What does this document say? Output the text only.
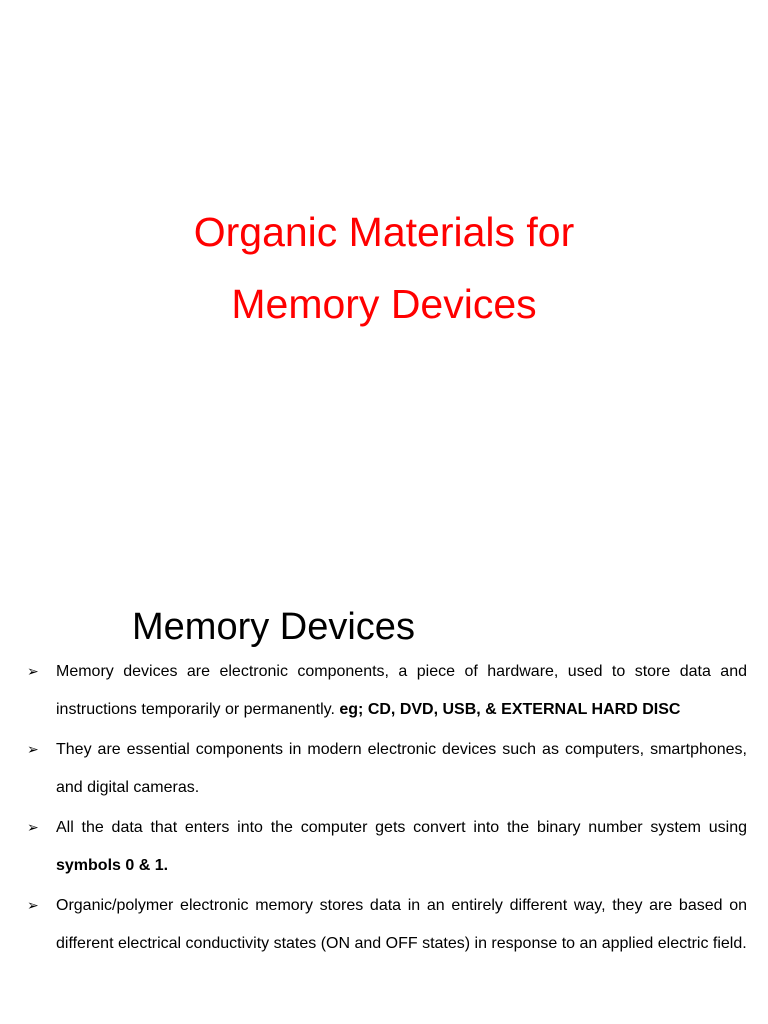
Organic Materials for
Memory Devices
Memory Devices
➢ Memory devices are electronic components, a piece of hardware, used to store data and instructions temporarily or permanently. eg; CD, DVD, USB, & EXTERNAL HARD DISC
➢ They are essential components in modern electronic devices such as computers, smartphones, and digital cameras.
➢ All the data that enters into the computer gets convert into the binary number system using symbols 0 & 1.
➢ Organic/polymer electronic memory stores data in an entirely different way, they are based on different electrical conductivity states (ON and OFF states) in response to an applied electric field.
